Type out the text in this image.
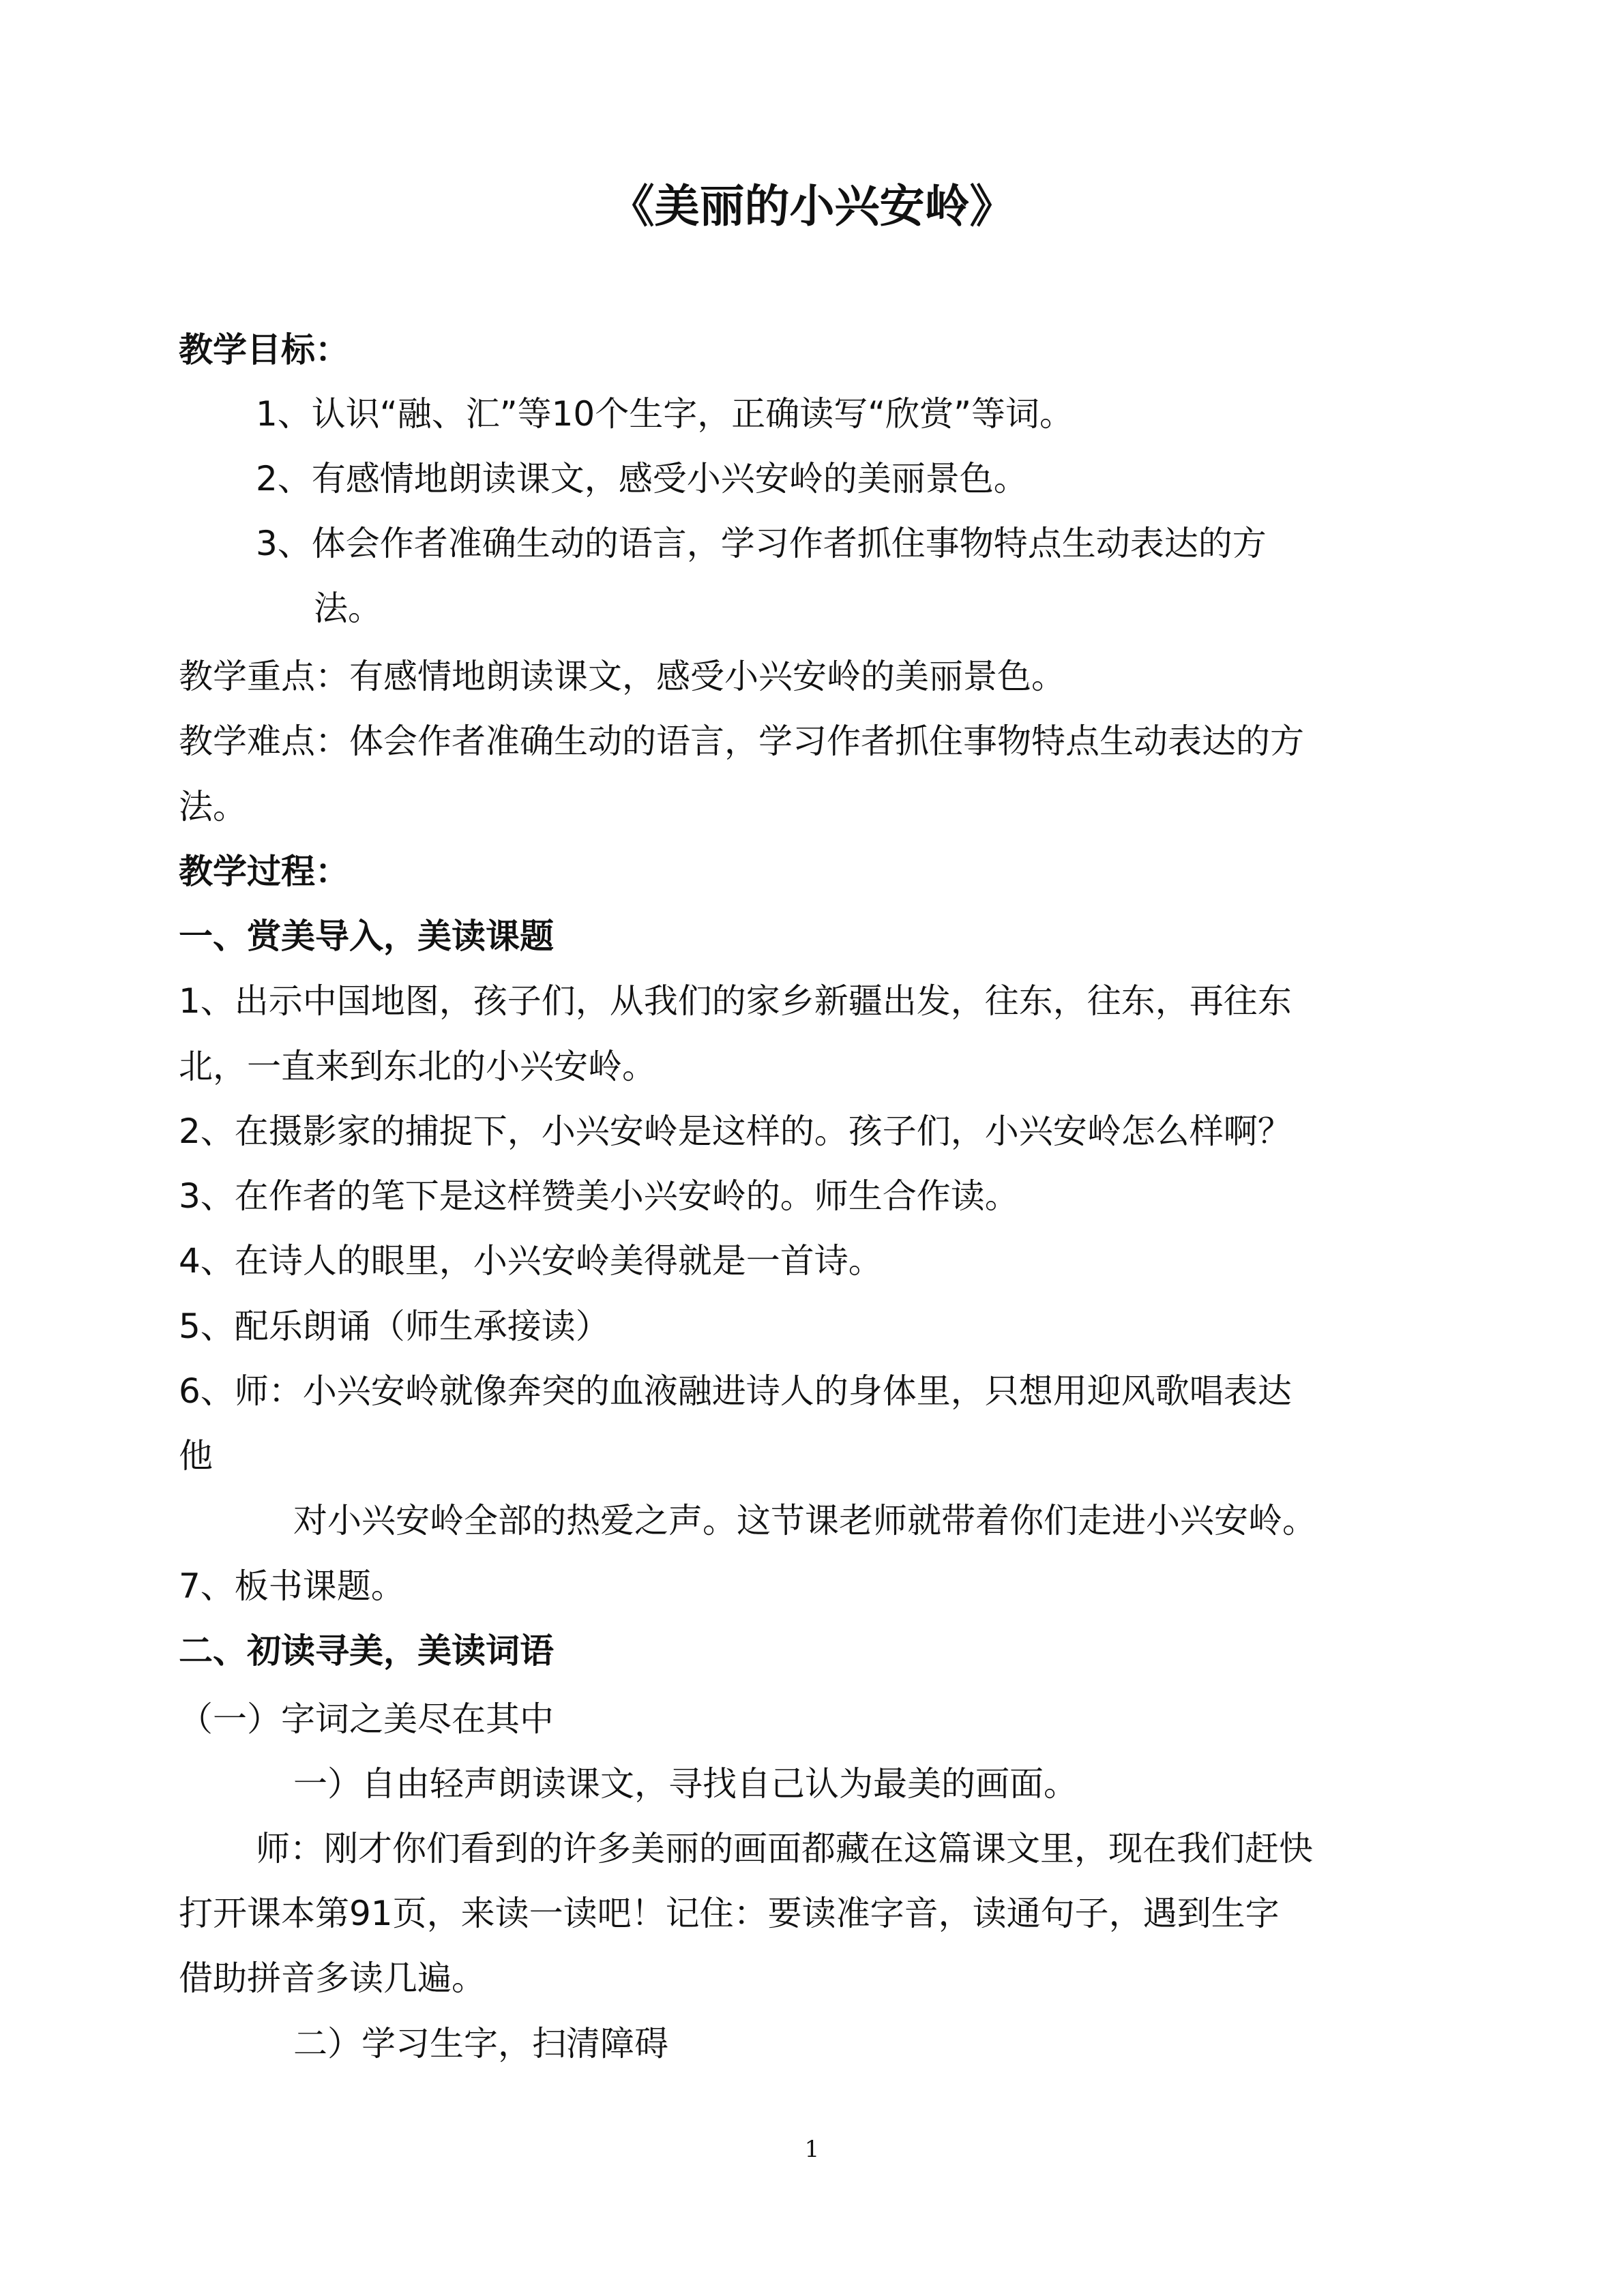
《美丽的小兴安岭》
教学目标：
1、认识“融、汇”等10个生字，正确读写“欣赏”等词。
2、有感情地朗读课文，感受小兴安岭的美丽景色。
3、体会作者准确生动的语言，学习作者抓住事物特点生动表达的方
法。
教学重点：有感情地朗读课文，感受小兴安岭的美丽景色。
教学难点：体会作者准确生动的语言，学习作者抓住事物特点生动表达的方
法。
教学过程：
一、赏美导入，美读课题
1、出示中国地图，孩子们，从我们的家乡新疆出发，往东，往东，再往东
北，一直来到东北的小兴安岭。
2、在摄影家的捕捉下，小兴安岭是这样的。孩子们，小兴安岭怎么样啊？
3、在作者的笔下是这样赞美小兴安岭的。师生合作读。
4、在诗人的眼里，小兴安岭美得就是一首诗。
5、配乐朗诵（师生承接读）
6、师：小兴安岭就像奔突的血液融进诗人的身体里，只想用迎风歌唱表达
他
对小兴安岭全部的热爱之声。这节课老师就带着你们走进小兴安岭。
7、板书课题。
二、初读寻美，美读词语
（一）字词之美尽在其中
一）自由轻声朗读课文，寻找自己认为最美的画面。
师：刚才你们看到的许多美丽的画面都藏在这篇课文里，现在我们赶快
打开课本第91页，来读一读吧！记住：要读准字音，读通句子，遇到生字
借助拼音多读几遍。
二）学习生字，扫清障碍
1
